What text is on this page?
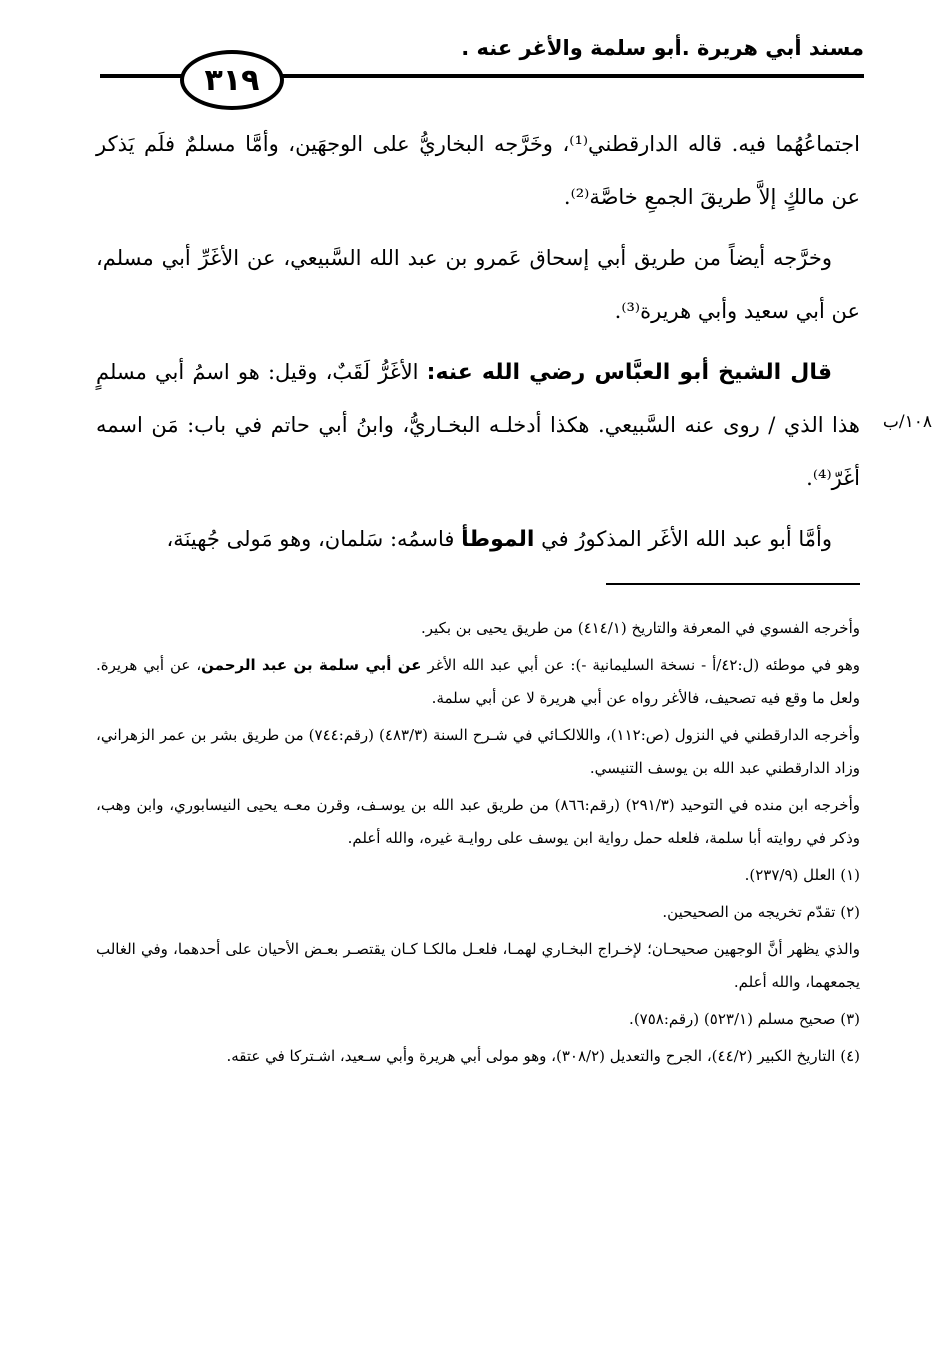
مسند أبي هريرة .أبو سلمة والأغر عنه .
٣١٩
١٠٨/ب

اجتماعُهُما فيه. قاله الدارقطني⁽¹⁾، وخَرَّجه البخاريُّ على الوجهَين، وأمَّا مسلمٌ فلَم يَذكر عن مالكٍ إلاَّ طريقَ الجمعِ خاصَّة⁽²⁾.

وخرَّجه أيضاً من طريق أبي إسحاق عَمرو بن عبد الله السَّبيعي، عن الأغَرِّ أبي مسلم، عن أبي سعيد وأبي هريرة⁽³⁾.

قال الشيخ أبو العبَّاس رضي الله عنه: الأغَرُّ لَقَبٌ، وقيل: هو اسمُ أبي مسلمٍ هذا الذي / روى عنه السَّبيعي. هكذا أدخلـه البخـاريُّ، وابنُ أبي حاتم في باب: مَن اسمه أغَرّ⁽⁴⁾.

وأمَّا أبو عبد الله الأغَر المذكورُ في الموطأ فاسمُه: سَلمان، وهو مَولى جُهينَة،

وأخرجه الفسوي في المعرفة والتاريخ (٤١٤/١) من طريق يحيى بن بكير.

وهو في موطئه (ل:٤٢/أ - نسخة السليمانية -): عن أبي عبد الله الأغر عن أبي سلمة بن عبد الرحمن، عن أبي هريرة. ولعل ما وقع فيه تصحيف، فالأغر رواه عن أبي هريرة لا عن أبي سلمة.

وأخرجه الدارقطني في النزول (ص:١١٢)، واللالكـائي في شـرح السنة (٤٨٣/٣) (رقم:٧٤٤) من طريق بشر بن عمر الزهراني، وزاد الدارقطني عبد الله بن يوسف التنيسي.

وأخرجه ابن منده في التوحيد (٢٩١/٣) (رقم:٨٦٦) من طريق عبد الله بن يوسـف، وقرن معـه يحيى النيسابوري، وابن وهب، وذكر في روايته أبا سلمة، فلعله حمل رواية ابن يوسف على روايـة غيره، والله أعلم.

(١) العلل (٢٣٧/٩).

(٢) تقدّم تخريجه من الصحيحين.

والذي يظهر أنَّ الوجهين صحيحـان؛ لإخـراج البخـاري لهمـا، فلعـل مالكـا كـان يقتصـر بعـض الأحيان على أحدهما، وفي الغالب يجمعهما، والله أعلم.

(٣) صحيح مسلم (٥٢٣/١) (رقم:٧٥٨).

(٤) التاريخ الكبير (٤٤/٢)، الجرح والتعديل (٣٠٨/٢)، وهو مولى أبي هريرة وأبي سـعيد، اشـتركا في عتقه.
